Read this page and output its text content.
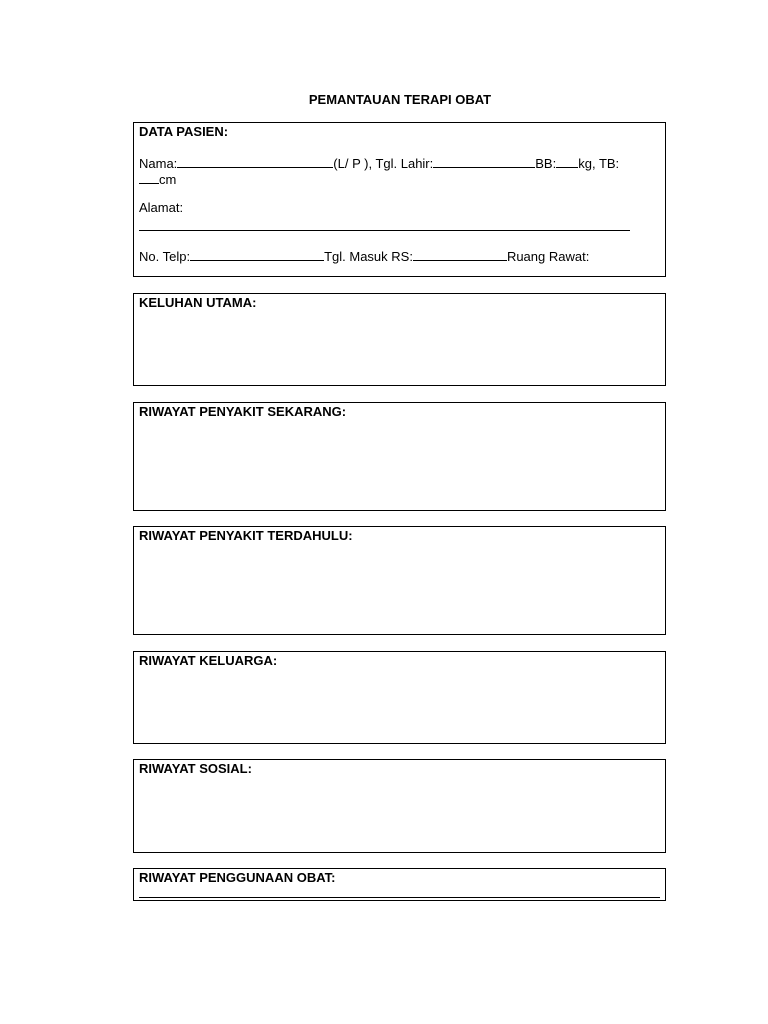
PEMANTAUAN TERAPI OBAT
DATA PASIEN:
Nama:	(L/ P ), Tgl. Lahir:	BB: kg, TB:
cm
Alamat:
No. Telp:	Tgl. Masuk RS:	Ruang Rawat:
KELUHAN UTAMA:
RIWAYAT PENYAKIT SEKARANG:
RIWAYAT PENYAKIT TERDAHULU:
RIWAYAT KELUARGA:
RIWAYAT SOSIAL:
RIWAYAT PENGGUNAAN OBAT:
